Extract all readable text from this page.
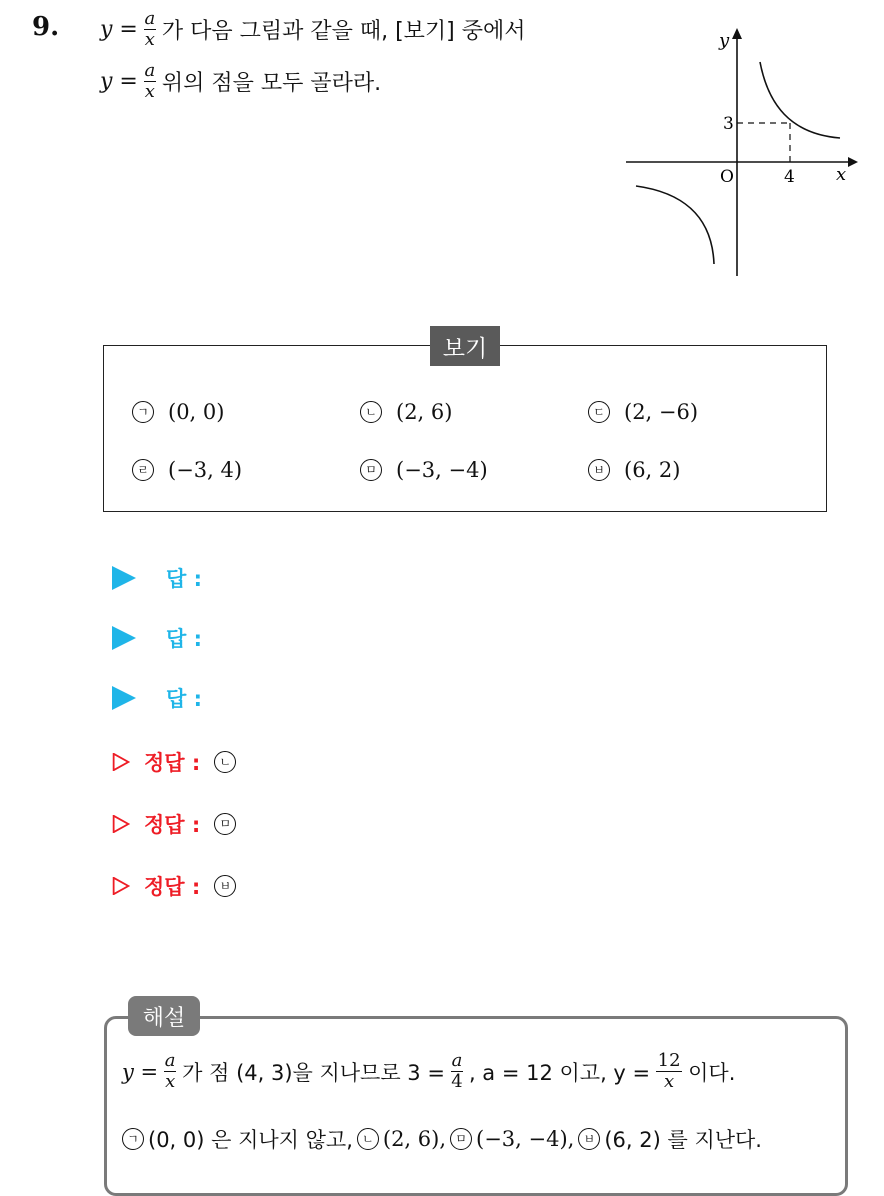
9. $y = \frac{a}{x}$ 가 다음 그림과 같을 때, [보기] 중에서
$y = \frac{a}{x}$ 위의 점을 모두 골라라.
y
x
O
3
4
보기
ㄱ (0, 0)	ㄴ (2, 6)	ㄷ (2, −6)
ㄹ (−3, 4)	ㅁ (−3, −4)	ㅂ (6, 2)
답 :
답 :
답 :
정답 :	ㄴ
정답 :	ㅁ
정답 :	ㅂ
해설
$y = \frac{a}{x}$ 가 점 (4, 3)을 지나므로 $3 = \frac{a}{4}$ , a = 12 이고, $y = \frac{12}{x}$ 이다.
ㄱ (0, 0) 은 지나지 않고, ㄴ (2, 6), ㅁ (−3, −4), ㅂ (6, 2) 를 지난다.
